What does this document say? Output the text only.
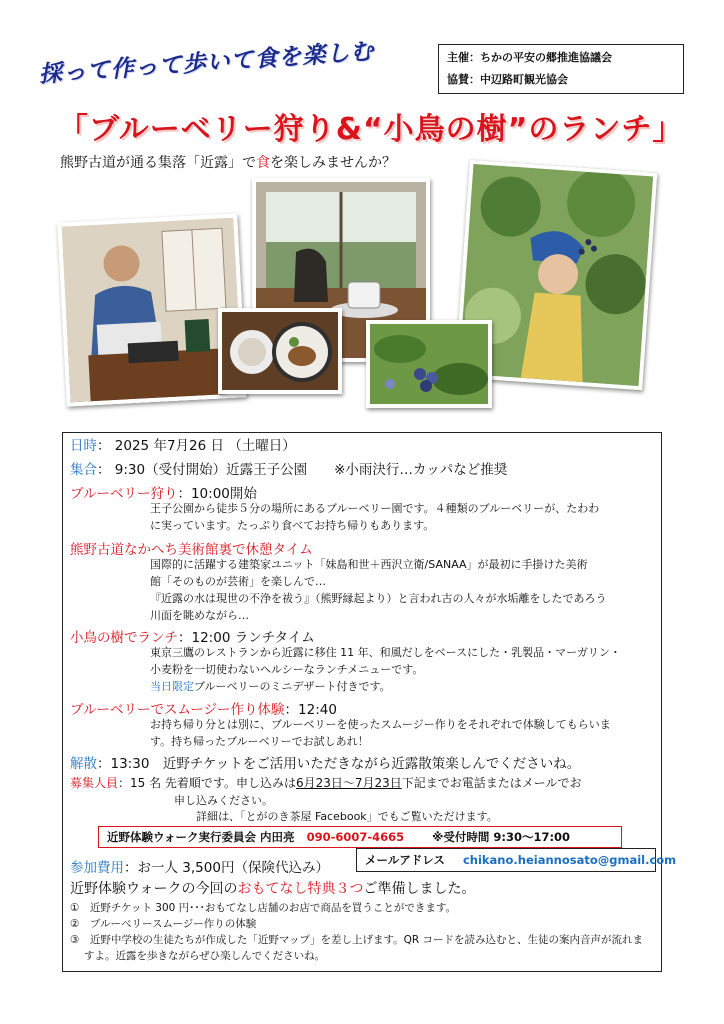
主催：ちかの平安の郷推進協議会
協賛：中辺路町観光協会
採って作って歩いて食を楽しむ
「ブルーベリー狩り&“小鳥の樹”のランチ」
熊野古道が通る集落「近露」で食を楽しみませんか？
日時： 2025 年7月26 日 （土曜日）
集合： 9:30（受付開始）近露王子公園　　※小雨決行…カッパなど推奨
ブルーベリー狩り：10:00開始
王子公園から徒歩５分の場所にあるブルーベリー園です。４種類のブルーベリーが、たわわ
に実っています。たっぷり食べてお持ち帰りもあります。
熊野古道なかへち美術館裏で休憩タイム
国際的に活躍する建築家ユニット「妹島和世＋西沢立衛/SANAA」が最初に手掛けた美術
館「そのものが芸術」を楽しんで…
『近露の水は現世の不浄を祓う』（熊野縁起より）と言われ古の人々が水垢離をしたであろう
川面を眺めながら…
小鳥の樹でランチ：12:00 ランチタイム
東京三鷹のレストランから近露に移住 11 年、和風だしをベースにした・乳製品・マーガリン・
小麦粉を一切使わないヘルシーなランチメニューです。
当日限定ブルーベリーのミニデザート付きです。
ブルーベリーでスムージー作り体験：12:40
お持ち帰り分とは別に、ブルーベリーを使ったスムージー作りをそれぞれで体験してもらいま
す。持ち帰ったブルーベリーでお試しあれ！
解散：13:30　近野チケットをご活用いただきながら近露散策楽しんでくださいね。
募集人員：15 名 先着順です。申し込みは6月23日～7月23日下記までお電話またはメールでお
申し込みください。
詳細は、「とがのき茶屋 Facebook」でもご覧いただけます。
近野体験ウォーク実行委員会 内田亮 090-6007-4665 ※受付時間 9:30～17:00
メールアドレス chikano.heiannosato@gmail.com
参加費用：お一人 3,500円（保険代込み）
近野体験ウォークの今回のおもてなし特典３つご準備しました。
①　近野チケット 300 円･･･おもてなし店舗のお店で商品を買うことができます。
②　ブルーベリースムージー作りの体験
③　近野中学校の生徒たちが作成した「近野マップ」を差し上げます。QR コードを読み込むと、生徒の案内音声が流れま
すよ。近露を歩きながらぜひ楽しんでくださいね。
